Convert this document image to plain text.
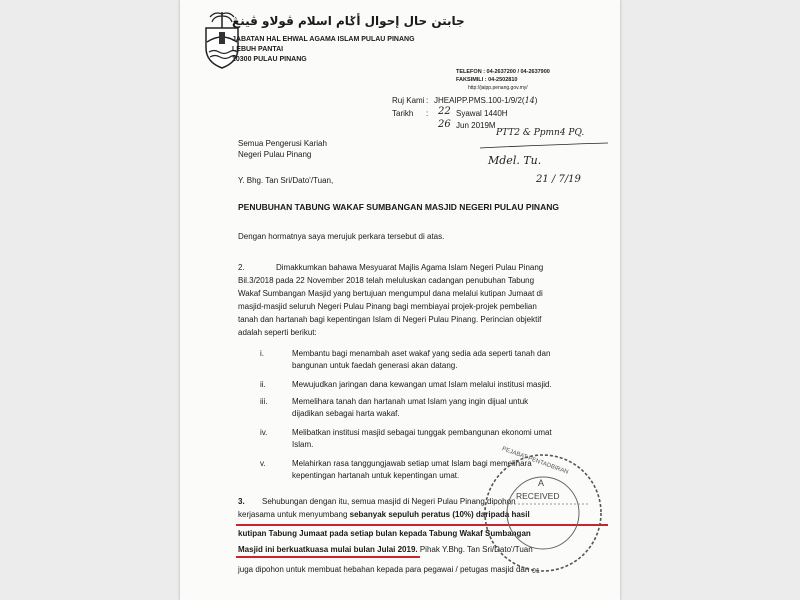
جابتن حال إحوال أݢام اسلام ڤولاو ڤينڠ
JABATAN HAL EHWAL AGAMA ISLAM PULAU PINANG
LEBUH PANTAI
10300 PULAU PINANG
TELEFON : 04-2637200 / 04-2637900
FAKSIMILI : 04-2502810
http://jaipp.penang.gov.my/
Ruj Kami : JHEAIPP.PMS.100-1/9/2(14)
Tarikh : 22 Syawal 1440H
26 Jun 2019M
PTT2 & Ppmn4 PQ.
Mdel. Tu.
21 / 7/19
Semua Pengerusi Kariah
Negeri Pulau Pinang
Y. Bhg. Tan Sri/Dato'/Tuan,
PENUBUHAN TABUNG WAKAF SUMBANGAN MASJID NEGERI PULAU PINANG
Dengan hormatnya saya merujuk perkara tersebut di atas.
2.	Dimakkumkan bahawa Mesyuarat Majlis Agama Islam Negeri Pulau Pinang
Bil.3/2018 pada 22 November 2018 telah meluluskan cadangan penubuhan Tabung
Wakaf Sumbangan Masjid yang bertujuan mengumpul dana melalui kutipan Jumaat di
masjid-masjid seluruh Negeri Pulau Pinang bagi membiayai projek-projek pembelian
tanah dan hartanah bagi kepentingan Islam di Negeri Pulau Pinang. Perincian objektif
adalah seperti berikut:
i.	Membantu bagi menambah aset wakaf yang sedia ada seperti tanah dan
bangunan untuk faedah generasi akan datang.
ii.	Mewujudkan jaringan dana kewangan umat Islam melalui institusi masjid.
iii.	Memelihara tanah dan hartanah umat Islam yang ingin dijual untuk
dijadikan sebagai harta wakaf.
iv.	Melibatkan institusi masjid sebagai tunggak pembangunan ekonomi umat
Islam.
v.	Melahirkan rasa tanggungjawab setiap umat Islam bagi memelihara
kepentingan hartanah untuk kepentingan umat.
3. Sehubungan dengan itu, semua masjid di Negeri Pulau Pinang dipohon
kerjasama untuk menyumbang sebanyak sepuluh peratus (10%) daripada hasil
kutipan Tabung Jumaat pada setiap bulan kepada Tabung Wakaf Sumbangan
Masjid ini berkuatkuasa mulai bulan Julai 2019. Pihak Y.Bhg. Tan Sri/Dato'/Tuan
juga dipohon untuk membuat hebahan kepada para pegawai / petugas masjid dan
A
RECEIVED
PEJABAT PENTADBIRAN
01
